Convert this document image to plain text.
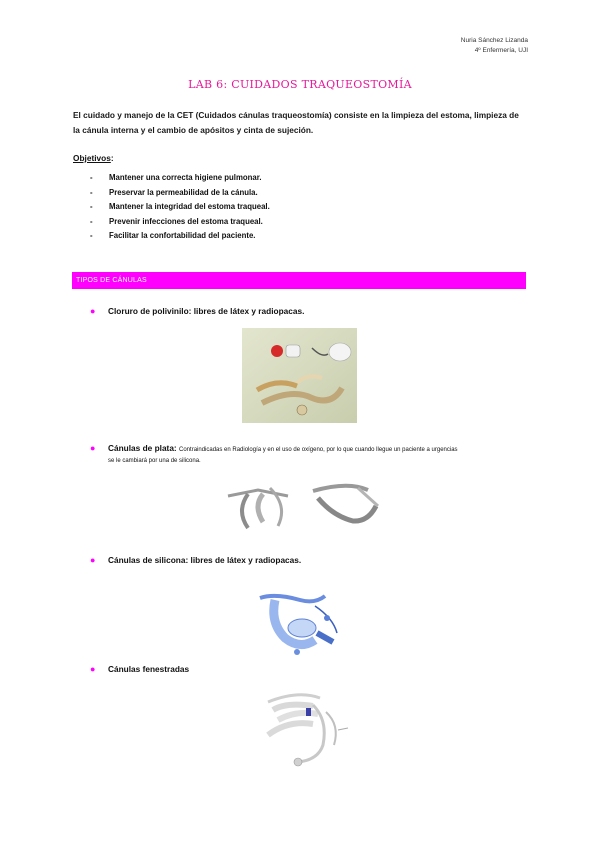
Nuria Sánchez Lizanda
4º Enfermería, UJI
LAB 6: CUIDADOS TRAQUEOSTOMÍA
El cuidado y manejo de la CET (Cuidados cánulas traqueostomía) consiste en la limpieza del estoma, limpieza de la cánula interna y el cambio de apósitos y cinta de sujeción.
Objetivos:
- Mantener una correcta higiene pulmonar.
- Preservar la permeabilidad de la cánula.
- Mantener la integridad del estoma traqueal.
- Prevenir infecciones del estoma traqueal.
- Facilitar la confortabilidad del paciente.
TIPOS DE CÁNULAS
● Cloruro de polivinilo: libres de látex y radiopacas.
● Cánulas de plata: Contraindicadas en Radiología y en el uso de oxígeno, por lo que cuando llegue un paciente a urgencias
se le cambiará por una de silicona.
● Cánulas de silicona: libres de látex y radiopacas.
● Cánulas fenestradas
